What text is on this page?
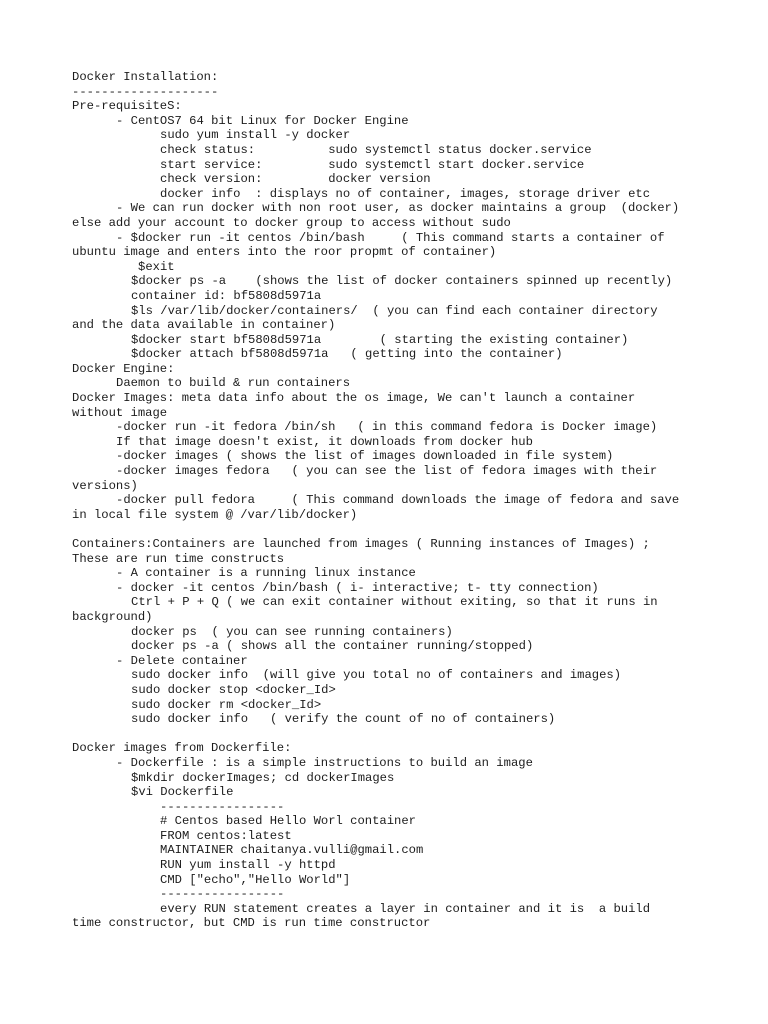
Docker Installation:
--------------------
Pre-requisiteS:
- CentOS7 64 bit Linux for Docker Engine
sudo yum install -y docker
check status:          sudo systemctl status docker.service
start service:         sudo systemctl start docker.service
check version:         docker version
docker info  : displays no of container, images, storage driver etc
- We can run docker with non root user, as docker maintains a group  (docker)
else add your account to docker group to access without sudo
- $docker run -it centos /bin/bash     ( This command starts a container of
ubuntu image and enters into the roor propmt of container)
$exit
$docker ps -a    (shows the list of docker containers spinned up recently)
container id: bf5808d5971a
$ls /var/lib/docker/containers/  ( you can find each container directory
and the data available in container)
$docker start bf5808d5971a        ( starting the existing container)
$docker attach bf5808d5971a   ( getting into the container)
Docker Engine:
Daemon to build & run containers
Docker Images: meta data info about the os image, We can't launch a container
without image
-docker run -it fedora /bin/sh   ( in this command fedora is Docker image)
If that image doesn't exist, it downloads from docker hub
-docker images ( shows the list of images downloaded in file system)
-docker images fedora   ( you can see the list of fedora images with their
versions)
-docker pull fedora     ( This command downloads the image of fedora and save
in local file system @ /var/lib/docker)
Containers:Containers are launched from images ( Running instances of Images) ;
These are run time constructs
- A container is a running linux instance
- docker -it centos /bin/bash ( i- interactive; t- tty connection)
Ctrl + P + Q ( we can exit container without exiting, so that it runs in
background)
docker ps  ( you can see running containers)
docker ps -a ( shows all the container running/stopped)
- Delete container
sudo docker info  (will give you total no of containers and images)
sudo docker stop <docker_Id>
sudo docker rm <docker_Id>
sudo docker info   ( verify the count of no of containers)
Docker images from Dockerfile:
- Dockerfile : is a simple instructions to build an image
$mkdir dockerImages; cd dockerImages
$vi Dockerfile
-----------------
# Centos based Hello Worl container
FROM centos:latest
MAINTAINER chaitanya.vulli@gmail.com
RUN yum install -y httpd
CMD ["echo","Hello World"]
-----------------
every RUN statement creates a layer in container and it is  a build
time constructor, but CMD is run time constructor
